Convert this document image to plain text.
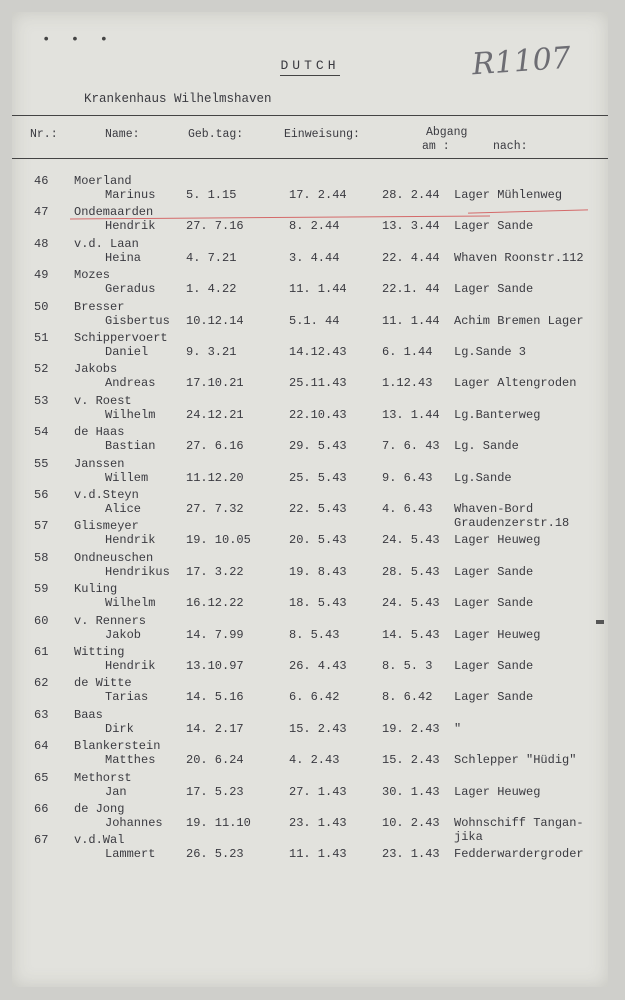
• • •
DUTCH	R1107
Krankenhaus Wilhelmshaven
Nr.:	Name:	Geb.tag:	Einweisung:	Abgang
am :	nach:
46 Moerland
Marinus	5. 1.15	17. 2.44	28. 2.44 Lager Mühlenweg
47 Ondemaarden
Hendrik	27. 7.16	8. 2.44	13. 3.44 Lager Sande
48 v.d. Laan
Heina	4. 7.21	3. 4.44	22. 4.44 Whaven Roonstr.112
49 Mozes
Geradus	1. 4.22	11. 1.44	22.1. 44 Lager Sande
50 Bresser
Gisbertus 10.12.14	5.1. 44	11. 1.44 Achim Bremen Lager
51 Schippervoert
Daniel	9. 3.21	14.12.43	6. 1.44 Lg.Sande 3
52 Jakobs
Andreas	17.10.21	25.11.43	1.12.43 Lager Altengroden
53 v. Roest
Wilhelm	24.12.21	22.10.43	13. 1.44 Lg.Banterweg
54 de Haas
Bastian	27. 6.16	29. 5.43	7. 6. 43 Lg. Sande
55 Janssen
Willem	11.12.20	25. 5.43	9. 6.43 Lg.Sande
56 v.d.Steyn
Alice	27. 7.32	22. 5.43	4. 6.43 Whaven-Bord
Graudenzerstr.18
57 Glismeyer
Hendrik	19. 10.05	20. 5.43	24. 5.43 Lager Heuweg
58 Ondneuschen
Hendrikus 17. 3.22	19. 8.43	28. 5.43 Lager Sande
59 Kuling
Wilhelm	16.12.22	18. 5.43	24. 5.43 Lager Sande
60 v. Renners
Jakob	14. 7.99	8. 5.43	14. 5.43 Lager Heuweg
61 Witting
Hendrik	13.10.97	26. 4.43	8. 5. 3 Lager Sande
62 de Witte
Tarias	14. 5.16	6. 6.42	8. 6.42 Lager Sande
63 Baas
Dirk	14. 2.17	15. 2.43	19. 2.43 "
64 Blankerstein
Matthes	20. 6.24	4. 2.43	15. 2.43 Schlepper "Hüdig"
65 Methorst
Jan	17. 5.23	27. 1.43	30. 1.43 Lager Heuweg
66 de Jong
Johannes 19. 11.10	23. 1.43	10. 2.43 Wohnschiff Tangan-
jika
67 v.d.Wal
Lammert	26. 5.23	11. 1.43	23. 1.43 Fedderwardergroder
